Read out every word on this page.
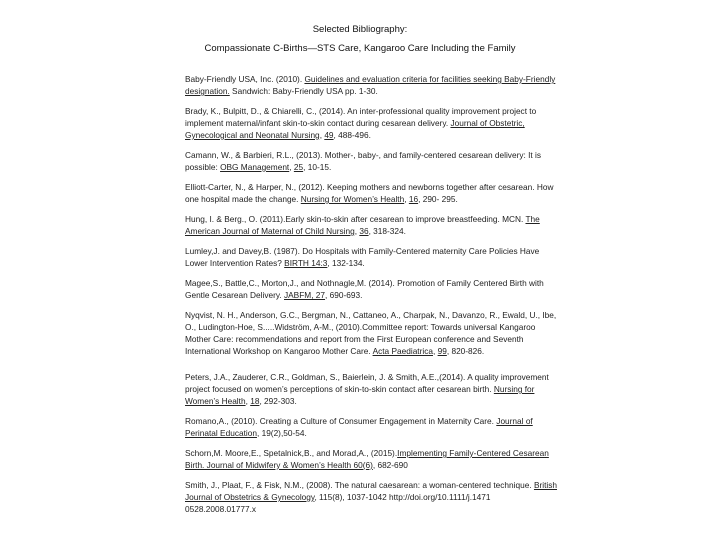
Selected Bibliography:
Compassionate C-Births—STS Care, Kangaroo Care Including the Family
Baby-Friendly USA, Inc. (2010). Guidelines and evaluation criteria for facilities seeking Baby-Friendly designation. Sandwich: Baby-Friendly USA pp. 1-30.
Brady, K., Bulpitt, D., & Chiarelli, C., (2014). An inter-professional quality improvement project to implement maternal/infant skin-to-skin contact during cesarean delivery. Journal of Obstetric, Gynecological and Neonatal Nursing, 49, 488-496.
Camann, W., & Barbieri, R.L., (2013). Mother-, baby-, and family-centered cesarean delivery: It is possible: OBG Management, 25, 10-15.
Elliott-Carter, N., & Harper, N., (2012). Keeping mothers and newborns together after cesarean. How one hospital made the change. Nursing for Women’s Health, 16, 290- 295.
Hung, I. & Berg., O. (2011).Early skin-to-skin after cesarean to improve breastfeeding. MCN. The American Journal of Maternal of Child Nursing, 36, 318-324.
Lumley,J. and Davey,B. (1987). Do Hospitals with Family-Centered maternity Care Policies Have Lower Intervention Rates? BIRTH 14:3, 132-134.
Magee,S., Battle,C., Morton,J., and Nothnagle,M. (2014). Promotion of Family Centered Birth with Gentle Cesarean Delivery. JABFM, 27, 690-693.
Nyqvist, N. H., Anderson, G.C., Bergman, N., Cattaneo, A., Charpak, N., Davanzo, R., Ewald, U., Ibe, O., Ludington-Hoe, S.....Widström, A-M., (2010).Committee report: Towards universal Kangaroo Mother Care: recommendations and report from the First European conference and Seventh International Workshop on Kangaroo Mother Care. Acta Paediatrica, 99, 820-826.
Peters, J.A., Zauderer, C.R., Goldman, S., Baierlein, J. & Smith, A.E.,(2014). A quality improvement project focused on women’s perceptions of skin-to-skin contact after cesarean birth. Nursing for Women’s Health, 18, 292-303.
Romano,A., (2010). Creating a Culture of Consumer Engagement in Maternity Care. Journal of Perinatal Education, 19(2),50-54.
Schorn,M. Moore,E., Spetalnick,B., and Morad,A., (2015).Implementing Family-Centered Cesarean Birth. Journal of Midwifery & Women’s Health 60(6), 682-690
Smith, J., Plaat, F., & Fisk, N.M., (2008). The natural caesarean: a woman-centered technique. British Journal of Obstetrics & Gynecology, 115(8), 1037-1042 http://doi.org/10.1111/j.1471 0528.2008.01777.x
